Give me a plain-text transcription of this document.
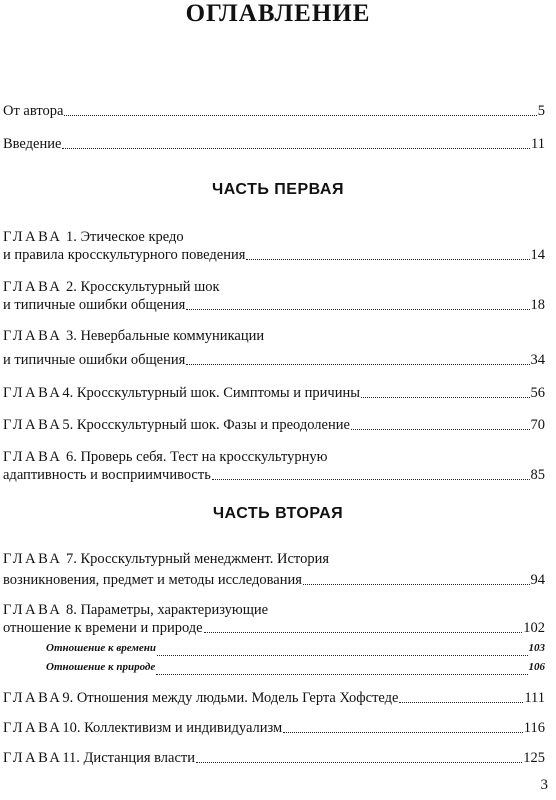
ОГЛАВЛЕНИЕ
От автора	5
Введение	11
ЧАСТЬ ПЕРВАЯ
ГЛАВА 1. Этическое кредо
и правила кросскультурного поведения	14
ГЛАВА 2. Кросскультурный шок
и типичные ошибки общения	18
ГЛАВА 3. Невербальные коммуникации
и типичные ошибки общения	34
ГЛАВА 4. Кросскультурный шок. Симптомы и причины	56
ГЛАВА 5. Кросскультурный шок. Фазы и преодоление	70
ГЛАВА 6. Проверь себя. Тест на кросскультурную
адаптивность и восприимчивость	85
ЧАСТЬ ВТОРАЯ
ГЛАВА 7. Кросскультурный менеджмент. История
возникновения, предмет и методы исследования	94
ГЛАВА 8. Параметры, характеризующие
отношение к времени и природе	102
Отношение к времени	103
Отношение к природе	106
ГЛАВА 9. Отношения между людьми. Модель Герта Хофстеде	111
ГЛАВА 10. Коллективизм и индивидуализм	116
ГЛАВА 11. Дистанция власти	125
3
